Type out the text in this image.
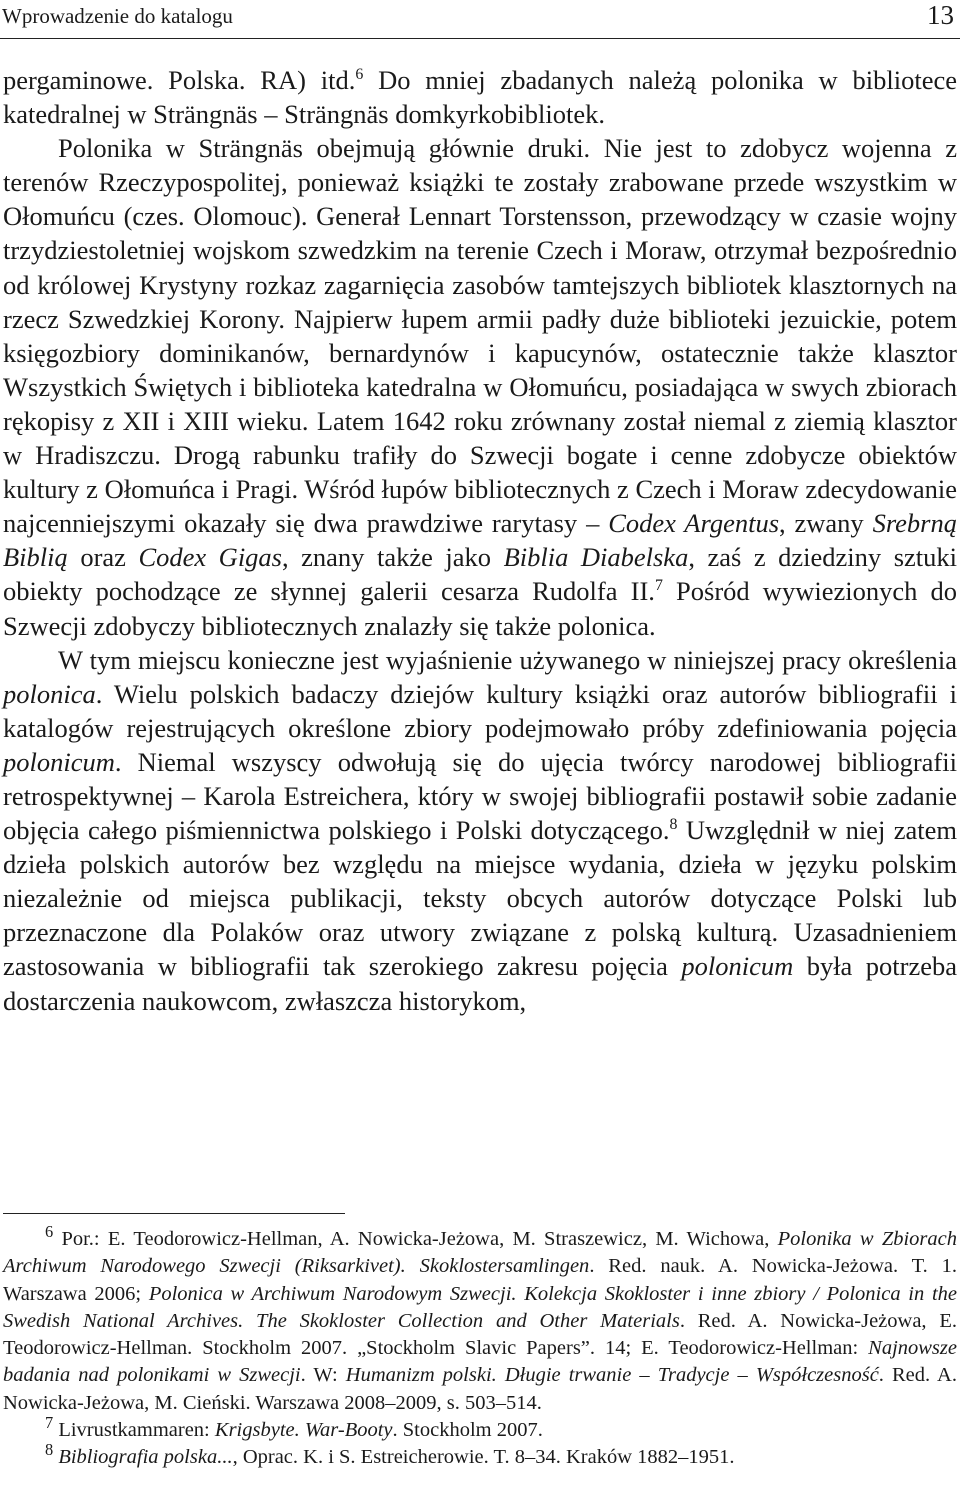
Wprowadzenie do katalogu	13

pergaminowe. Polska. RA) itd.$^6$ Do mniej zbadanych należą polonika w bibliotece katedralnej w Strängnäs – Strängnäs domkyrkobibliotek.

Polonika w Strängnäs obejmują głównie druki. Nie jest to zdobycz wojenna z terenów Rzeczypospolitej, ponieważ książki te zostały zrabowane przede wszystkim w Ołomuńcu (czes. Olomouc). Generał Lennart Torstensson, przewodzący w czasie wojny trzydziestoletniej wojskom szwedzkim na terenie Czech i Moraw, otrzymał bezpośrednio od królowej Krystyny rozkaz zagarnięcia zasobów tamtejszych bibliotek klasztornych na rzecz Szwedzkiej Korony. Najpierw łupem armii padły duże biblioteki jezuickie, potem księgozbiory dominikanów, bernardynów i kapucynów, ostatecznie także klasztor Wszystkich Świętych i biblioteka katedralna w Ołomuńcu, posiadająca w swych zbiorach rękopisy z XII i XIII wieku. Latem 1642 roku zrównany został niemal z ziemią klasztor w Hradiszczu. Drogą rabunku trafiły do Szwecji bogate i cenne zdobycze obiektów kultury z Ołomuńca i Pragi. Wśród łupów bibliotecznych z Czech i Moraw zdecydowanie najcenniejszymi okazały się dwa prawdziwe rarytasy – Codex Argentus, zwany Srebrną Biblią oraz Codex Gigas, znany także jako Biblia Diabelska, zaś z dziedziny sztuki obiekty pochodzące ze słynnej galerii cesarza Rudolfa II.$^7$ Pośród wywiezionych do Szwecji zdobyczy bibliotecznych znalazły się także polonica.

W tym miejscu konieczne jest wyjaśnienie używanego w niniejszej pracy określenia polonica. Wielu polskich badaczy dziejów kultury książki oraz autorów bibliografii i katalogów rejestrujących określone zbiory podejmowało próby zdefiniowania pojęcia polonicum. Niemal wszyscy odwołują się do ujęcia twórcy narodowej bibliografii retrospektywnej – Karola Estreichera, który w swojej bibliografii postawił sobie zadanie objęcia całego piśmiennictwa polskiego i Polski dotyczącego.$^8$ Uwzględnił w niej zatem dzieła polskich autorów bez względu na miejsce wydania, dzieła w języku polskim niezależnie od miejsca publikacji, teksty obcych autorów dotyczące Polski lub przeznaczone dla Polaków oraz utwory związane z polską kulturą. Uzasadnieniem zastosowania w bibliografii tak szerokiego zakresu pojęcia polonicum była potrzeba dostarczenia naukowcom, zwłaszcza historykom,

$^6$ Por.: E. Teodorowicz-Hellman, A. Nowicka-Jeżowa, M. Straszewicz, M. Wichowa, Polonika w Zbiorach Archiwum Narodowego Szwecji (Riksarkivet). Skoklostersamlingen. Red. nauk. A. Nowicka-Jeżowa. T. 1. Warszawa 2006; Polonica w Archiwum Narodowym Szwecji. Kolekcja Skokloster i inne zbiory / Polonica in the Swedish National Archives. The Skokloster Collection and Other Materials. Red. A. Nowicka-Jeżowa, E. Teodorowicz-Hellman. Stockholm 2007. „Stockholm Slavic Papers”. 14; E. Teodorowicz-Hellman: Najnowsze badania nad polonikami w Szwecji. W: Humanizm polski. Długie trwanie – Tradycje – Współczesność. Red. A. Nowicka-Jeżowa, M. Cieński. Warszawa 2008–2009, s. 503–514.

$^7$ Livrustkammaren: Krigsbyte. War-Booty. Stockholm 2007.

$^8$ Bibliografia polska..., Oprac. K. i S. Estreicherowie. T. 8–34. Kraków 1882–1951.
